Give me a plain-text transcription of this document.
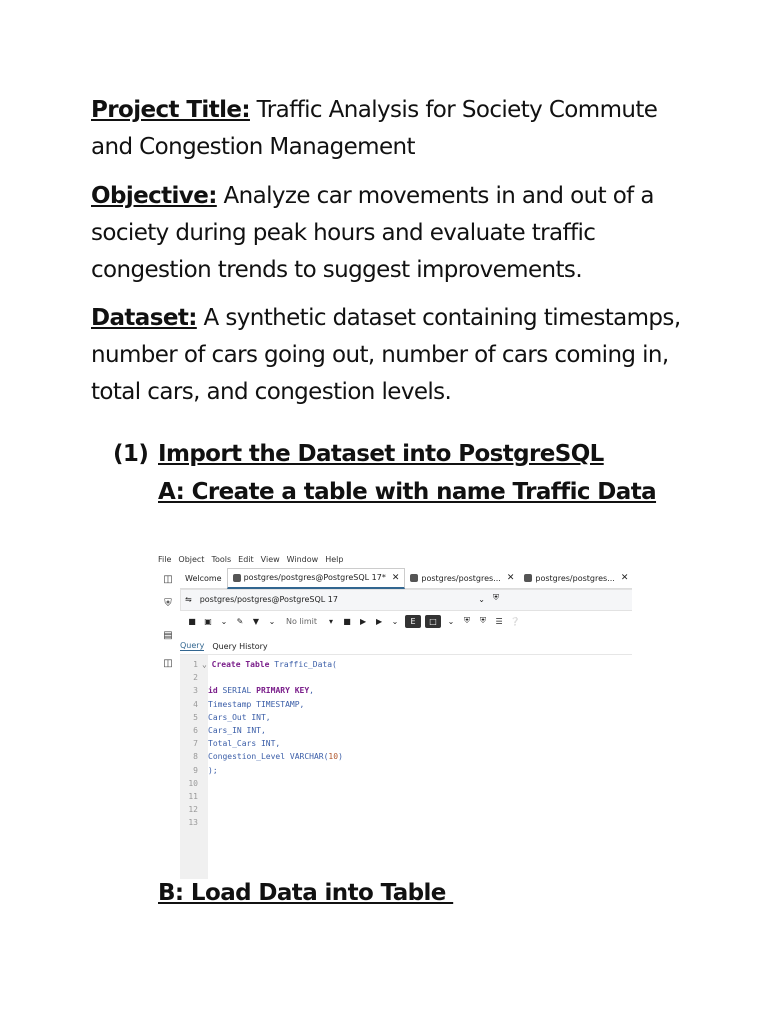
Project Title: Traffic Analysis for Society Commute and Congestion Management
Objective: Analyze car movements in and out of a society during peak hours and evaluate traffic congestion trends to suggest improvements.
Dataset: A synthetic dataset containing timestamps, number of cars going out, number of cars coming in, total cars, and congestion levels.
(1) Import the Dataset into PostgreSQL
A: Create a table with name Traffic Data
File Object Tools Edit View Window Help
◫
⛨
▤
◫
Welcome	postgres/postgres@PostgreSQL 17* ✕	postgres/postgres... ✕	postgres/postgres... ✕
⇋ postgres/postgres@PostgreSQL 17	⌄ ⛨
■ ▣	⌄	✎	▼	⌄	No limit	▾	■	▶	▶	⌄	E	□	⌄	⛨	⛨	☰ ❔
Query Query History
1 ⌄ Create Table Traffic_Data(
2
3	id SERIAL PRIMARY KEY,
4	Timestamp TIMESTAMP,
5	Cars_Out INT,
6	Cars_IN INT,
7	Total_Cars INT,
8	Congestion_Level VARCHAR(10)
9	);
10
11
12
13
B: Load Data into Table
